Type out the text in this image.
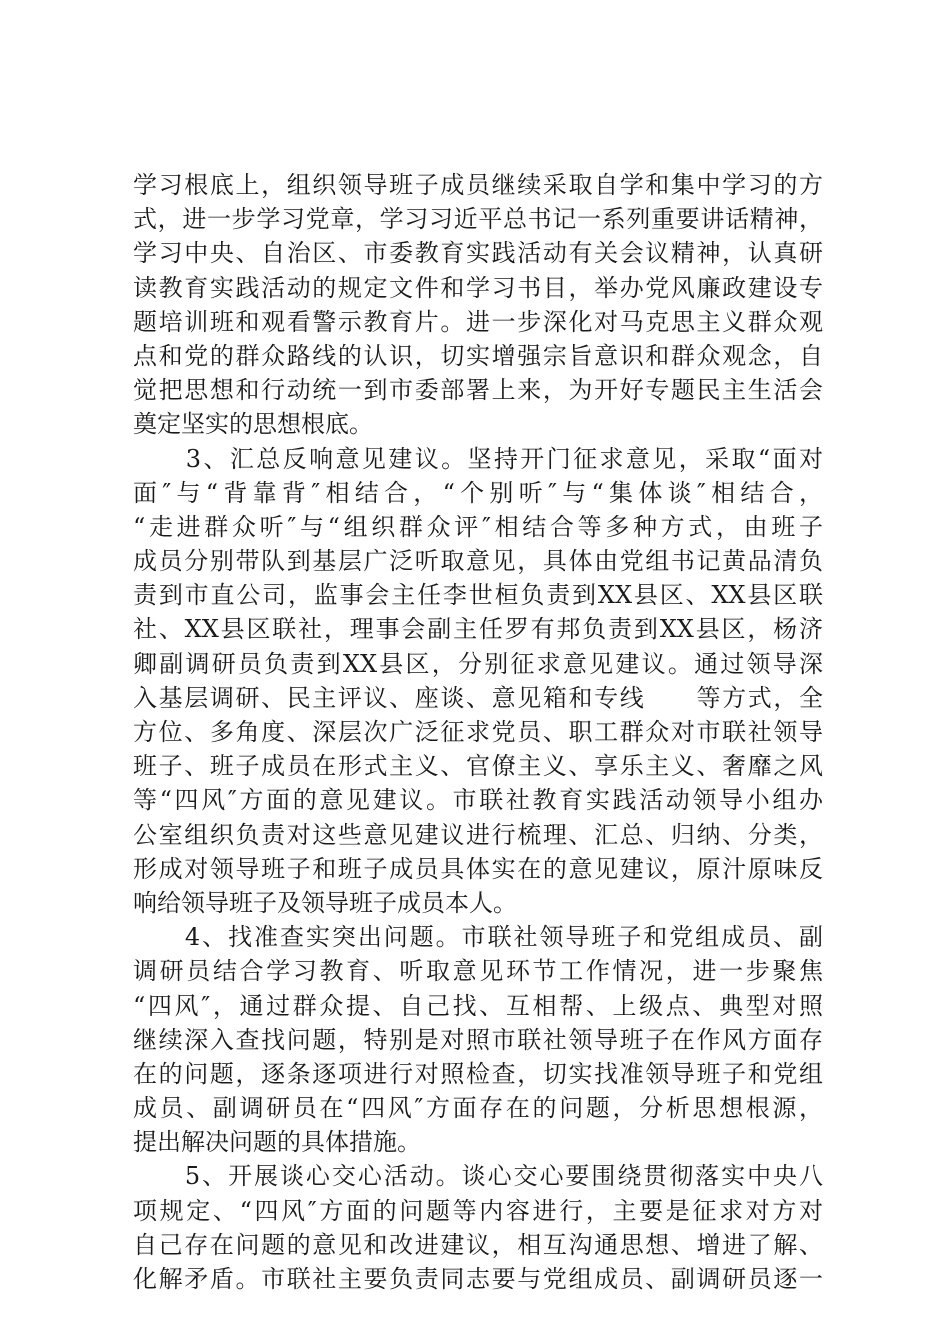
学习根底上，组织领导班子成员继续采取自学和集中学习的方
式，进一步学习党章，学习习近平总书记一系列重要讲话精神，
学习中央、自治区、市委教育实践活动有关会议精神，认真研
读教育实践活动的规定文件和学习书目，举办党风廉政建设专
题培训班和观看警示教育片。进一步深化对马克思主义群众观
点和党的群众路线的认识，切实增强宗旨意识和群众观念，自
觉把思想和行动统一到市委部署上来，为开好专题民主生活会
奠定坚实的思想根底。
　　3、汇总反响意见建议。坚持开门征求意见，采取“面对
面″与“背靠背″相结合，“个别听″与“集体谈″相结合，
“走进群众听″与“组织群众评″相结合等多种方式，由班子
成员分别带队到基层广泛听取意见，具体由党组书记黄品清负
责到市直公司，监事会主任李世桓负责到XX县区、XX县区联
社、XX县区联社，理事会副主任罗有邦负责到XX县区，杨济
卿副调研员负责到XX县区，分别征求意见建议。通过领导深
入基层调研、民主评议、座谈、意见箱和专线　　等方式，全
方位、多角度、深层次广泛征求党员、职工群众对市联社领导
班子、班子成员在形式主义、官僚主义、享乐主义、奢靡之风
等“四风″方面的意见建议。市联社教育实践活动领导小组办
公室组织负责对这些意见建议进行梳理、汇总、归纳、分类，
形成对领导班子和班子成员具体实在的意见建议，原汁原味反
响给领导班子及领导班子成员本人。
　　4、找准查实突出问题。市联社领导班子和党组成员、副
调研员结合学习教育、听取意见环节工作情况，进一步聚焦
“四风″，通过群众提、自己找、互相帮、上级点、典型对照
继续深入查找问题，特别是对照市联社领导班子在作风方面存
在的问题，逐条逐项进行对照检查，切实找准领导班子和党组
成员、副调研员在“四风″方面存在的问题，分析思想根源，
提出解决问题的具体措施。
　　5、开展谈心交心活动。谈心交心要围绕贯彻落实中央八
项规定、“四风″方面的问题等内容进行，主要是征求对方对
自己存在问题的意见和改进建议，相互沟通思想、增进了解、
化解矛盾。市联社主要负责同志要与党组成员、副调研员逐一
